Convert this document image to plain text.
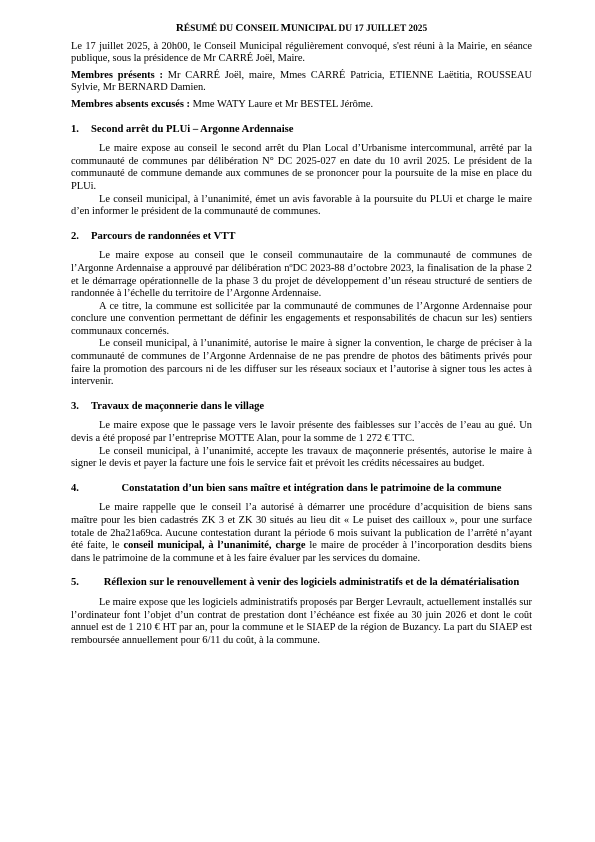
RÉSUMÉ DU CONSEIL MUNICIPAL DU 17 JUILLET 2025

Le 17 juillet 2025, à 20h00, le Conseil Municipal régulièrement convoqué, s'est réuni à la Mairie, en séance publique, sous la présidence de Mr CARRÉ Joël, Maire.

Membres présents : Mr CARRÉ Joël, maire, Mmes CARRÉ Patricia, ETIENNE Laëtitia, ROUSSEAU Sylvie, Mr BERNARD Damien.

Membres absents excusés : Mme WATY Laure et Mr BESTEL Jérôme.

1.	Second arrêt du PLUi – Argonne Ardennaise

Le maire expose au conseil le second arrêt du Plan Local d’Urbanisme intercommunal, arrêté par la communauté de communes par délibération N° DC 2025-027 en date du 10 avril 2025. Le président de la communauté de commune demande aux communes de se prononcer pour la poursuite de la mise en place du PLUi.

Le conseil municipal, à l’unanimité, émet un avis favorable à la poursuite du PLUi et charge le maire d’en informer le président de la communauté de communes.

2.	Parcours de randonnées et VTT

Le maire expose au conseil que le conseil communautaire de la communauté de communes de l’Argonne Ardennaise a approuvé par délibération nºDC 2023-88 d’octobre 2023, la finalisation de la phase 2 et le démarrage opérationnelle de la phase 3 du projet de développement d’un réseau structuré de sentiers de randonnée à l’échelle du territoire de l’Argonne Ardennaise.

A ce titre, la commune est sollicitée par la communauté de communes de l’Argonne Ardennaise pour conclure une convention permettant de définir les engagements et responsabilités de chacun sur les) sentiers communaux concernés.

Le conseil municipal, à l’unanimité, autorise le maire à signer la convention, le charge de préciser à la communauté de communes de l’Argonne Ardennaise de ne pas prendre de photos des bâtiments privés pour faire la promotion des parcours ni de les diffuser sur les réseaux sociaux et l’autorise à signer tous les actes à intervenir.

3.	Travaux de maçonnerie dans le village

Le maire expose que le passage vers le lavoir présente des faiblesses sur l’accès de l’eau au gué. Un devis a été proposé par l’entreprise MOTTE Alan, pour la somme de 1 272 € TTC.

Le conseil municipal, à l’unanimité, accepte les travaux de maçonnerie présentés, autorise le maire à signer le devis et payer la facture une fois le service fait et prévoit les crédits nécessaires au budget.

4.	Constatation d’un bien sans maître et intégration dans le patrimoine de la commune

Le maire rappelle que le conseil l’a autorisé à démarrer une procédure d’acquisition de biens sans maître pour les bien cadastrés ZK 3 et ZK 30 situés au lieu dit « Le puiset des cailloux », pour une surface totale de 2ha21a69ca. Aucune contestation durant la période 6 mois suivant la publication de l’arrêté n’ayant été faite, le conseil municipal, à l’unanimité, charge le maire de procéder à l’incorporation desdits biens dans le patrimoine de la commune et à les faire évaluer par les services du domaine.

5.	Réflexion sur le renouvellement à venir des logiciels administratifs et de la dématérialisation

Le maire expose que les logiciels administratifs proposés par Berger Levrault, actuellement installés sur l’ordinateur font l’objet d’un contrat de prestation dont l’échéance est fixée au 30 juin 2026 et dont le coût annuel est de 1 210 € HT par an, pour la commune et le SIAEP de la région de Buzancy. La part du SIAEP est remboursée annuellement pour 6/11 du coût, à la commune.
